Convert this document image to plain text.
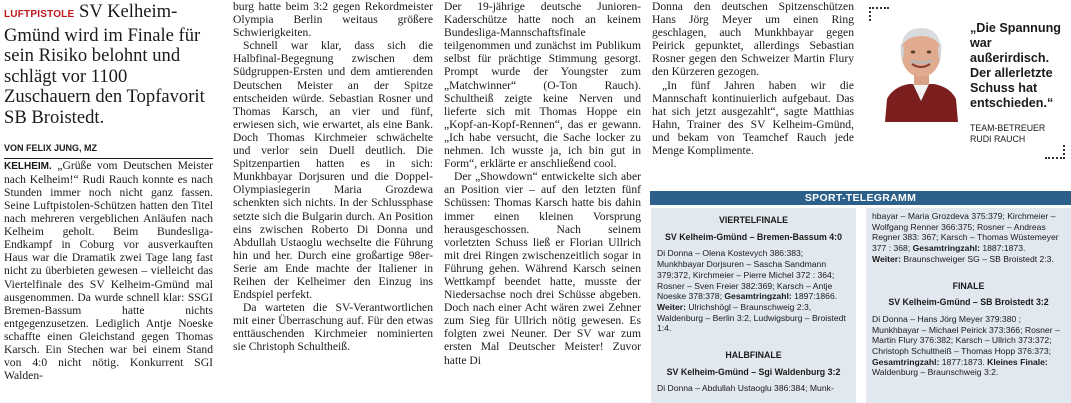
LUFTPISTOLE SV Kelheim-Gmünd wird im Finale für sein Risiko belohnt und schlägt vor 1100 Zuschauern den Topfavorit SB Broistedt.
VON FELIX JUNG, MZ

KELHEIM. „Grüße vom Deutschen Meister nach Kelheim!“ Rudi Rauch konnte es nach Stunden immer noch nicht ganz fassen. Seine Luftpistolen-Schützen hatten den Titel nach mehreren vergeblichen Anläufen nach Kelheim geholt. Beim Bundesliga-Endkampf in Coburg vor ausverkauften Haus war die Dramatik zwei Tage lang fast nicht zu überbieten gewesen – vielleicht das Viertelfinale des SV Kelheim-Gmünd mal ausgenommen. Da wurde schnell klar: SSGI Bremen-Bassum hatte nichts entgegenzusetzen. Lediglich Antje Noeske schaffte einen Gleichstand gegen Thomas Karsch. Ein Stechen war bei einem Stand von 4:0 nicht nötig. Konkurrent SGI Walden-

burg hatte beim 3:2 gegen Rekordmeister Olympia Berlin weitaus größere Schwierigkeiten.

Schnell war klar, dass sich die Halbfinal-Begegnung zwischen dem Südgruppen-Ersten und dem amtierenden Deutschen Meister an der Spitze entscheiden würde. Sebastian Rosner und Thomas Karsch, an vier und fünf, erwiesen sich, wie erwartet, als eine Bank. Doch Thomas Kirchmeier schwächelte und verlor sein Duell deutlich. Die Spitzenpartien hatten es in sich: Munkhbayar Dorjsuren und die Doppel-Olympiasiegerin Maria Grozdewa schenkten sich nichts. In der Schlussphase setzte sich die Bulgarin durch. An Position eins zwischen Roberto Di Donna und Abdullah Ustaoglu wechselte die Führung hin und her. Durch eine großartige 98er-Serie am Ende machte der Italiener in Reihen der Kelheimer den Einzug ins Endspiel perfekt.

Da warteten die SV-Verantwortlichen mit einer Überraschung auf. Für den etwas enttäuschenden Kirchmeier nominierten sie Christoph Schultheiß.

Der 19-jährige deutsche Junioren-Kaderschütze hatte noch an keinem Bundesliga-Mannschaftsfinale teilgenommen und zunächst im Publikum selbst für prächtige Stimmung gesorgt. Prompt wurde der Youngster zum „Matchwinner“ (O-Ton Rauch). Schultheiß zeigte keine Nerven und lieferte sich mit Thomas Hoppe ein „Kopf-an-Kopf-Rennen“, das er gewann. „Ich habe versucht, die Sache locker zu nehmen. Ich wusste ja, ich bin gut in Form“, erklärte er anschließend cool.

Der „Showdown“ entwickelte sich aber an Position vier – auf den letzten fünf Schüssen: Thomas Karsch hatte bis dahin immer einen kleinen Vorsprung herausgeschossen. Nach seinem vorletzten Schuss ließ er Florian Ullrich mit drei Ringen zwischenzeitlich sogar in Führung gehen. Während Karsch seinen Wettkampf beendet hatte, musste der Niedersachse noch drei Schüsse abgeben. Doch nach einer Acht wären zwei Zehner zum Sieg für Ullrich nötig gewesen. Es folgten zwei Neuner. Der SV war zum ersten Mal Deutscher Meister! Zuvor hatte Di

Donna den deutschen Spitzenschützen Hans Jörg Meyer um einen Ring geschlagen, auch Munkhbayar gegen Peirick gepunktet, allerdings Sebastian Rosner gegen den Schweizer Martin Flury den Kürzeren gezogen.

„In fünf Jahren haben wir die Mannschaft kontinuierlich aufgebaut. Das hat sich jetzt ausgezahlt“, sagte Matthias Hahn, Trainer des SV Kelheim-Gmünd, und bekam von Teamchef Rauch jede Menge Komplimente.

„Die Spannung war außerirdisch. Der allerletzte Schuss hat entschieden.“
TEAM-BETREUER
RUDI RAUCH
SPORT-TELEGRAMM
VIERTELFINALE
SV Kelheim-Gmünd – Bremen-Bassum 4:0
Di Donna – Olena Kostevych 386:383; Munkhbayar Dorjsuren – Sascha Sandmann 379:372, Kirchmeier – Pierre Michel 372 : 364; Rosner – Sven Freier 382:369; Karsch – Antje Noeske 378:378; Gesamtringzahl: 1897:1866.
Weiter: Ulrichshögl – Braunschweig 2:3, Waldenburg – Berlin 3:2, Ludwigsburg – Broistedt 1:4.
HALBFINALE
SV Kelheim-Gmünd – Sgi Waldenburg 3:2
Di Donna – Abdullah Ustaoglu 386:384; Munk-
hbayar – Maria Grozdeva 375:379; Kirchmeier – Wolfgang Renner 366:375; Rosner – Andreas Regner 383: 367; Karsch – Thomas Wüstemeyer 377 : 368; Gesamtringzahl: 1887:1873.
Weiter: Braunschweiger SG – SB Broistedt 2:3.
FINALE
SV Kelheim-Gmünd – SB Broistedt 3:2
Di Donna – Hans Jörg Meyer 379:380 ; Munkhbayar – Michael Peirick 373:366; Rosner – Martin Flury 376:382; Karsch – Ullrich 373:372; Christoph Schultheiß – Thomas Hopp 376:373; Gesamtringzahl: 1877:1873. Kleines Finale: Waldenburg – Braunschweig 3:2.
